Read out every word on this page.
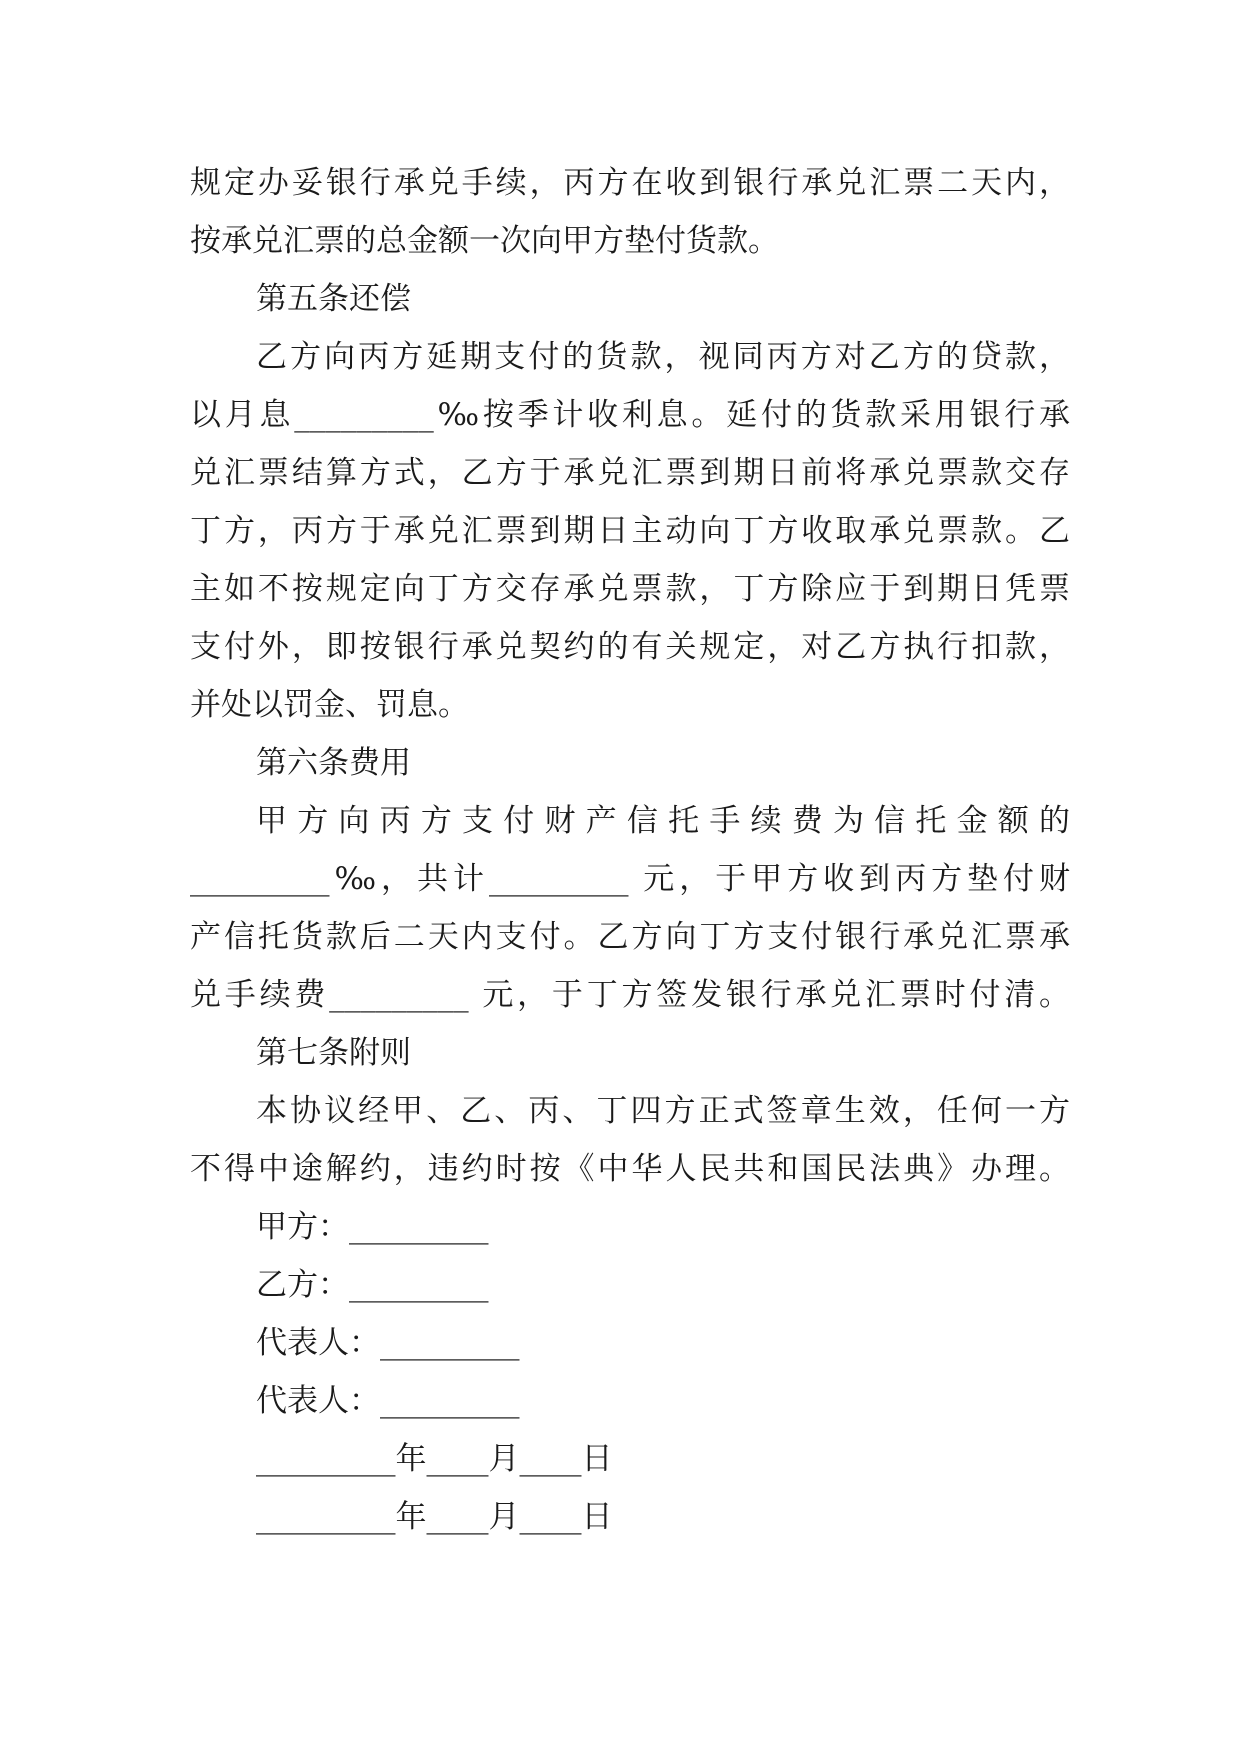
规定办妥银行承兑手续，丙方在收到银行承兑汇票二天内，
按承兑汇票的总金额一次向甲方垫付货款。
第五条还偿
乙方向丙方延期支付的货款，视同丙方对乙方的贷款，
以月息_________‰按季计收利息。延付的货款采用银行承
兑汇票结算方式，乙方于承兑汇票到期日前将承兑票款交存
丁方，丙方于承兑汇票到期日主动向丁方收取承兑票款。乙
主如不按规定向丁方交存承兑票款，丁方除应于到期日凭票
支付外，即按银行承兑契约的有关规定，对乙方执行扣款，
并处以罚金、罚息。
第六条费用
甲方向丙方支付财产信托手续费为信托金额的
_________‰，共计_________ 元，于甲方收到丙方垫付财
产信托货款后二天内支付。乙方向丁方支付银行承兑汇票承
兑手续费_________ 元，于丁方签发银行承兑汇票时付清。
第七条附则
本协议经甲、乙、丙、丁四方正式签章生效，任何一方
不得中途解约，违约时按《中华人民共和国民法典》办理。
甲方：_________
乙方：_________
代表人：_________
代表人：_________
_________年____月____日
_________年____月____日
